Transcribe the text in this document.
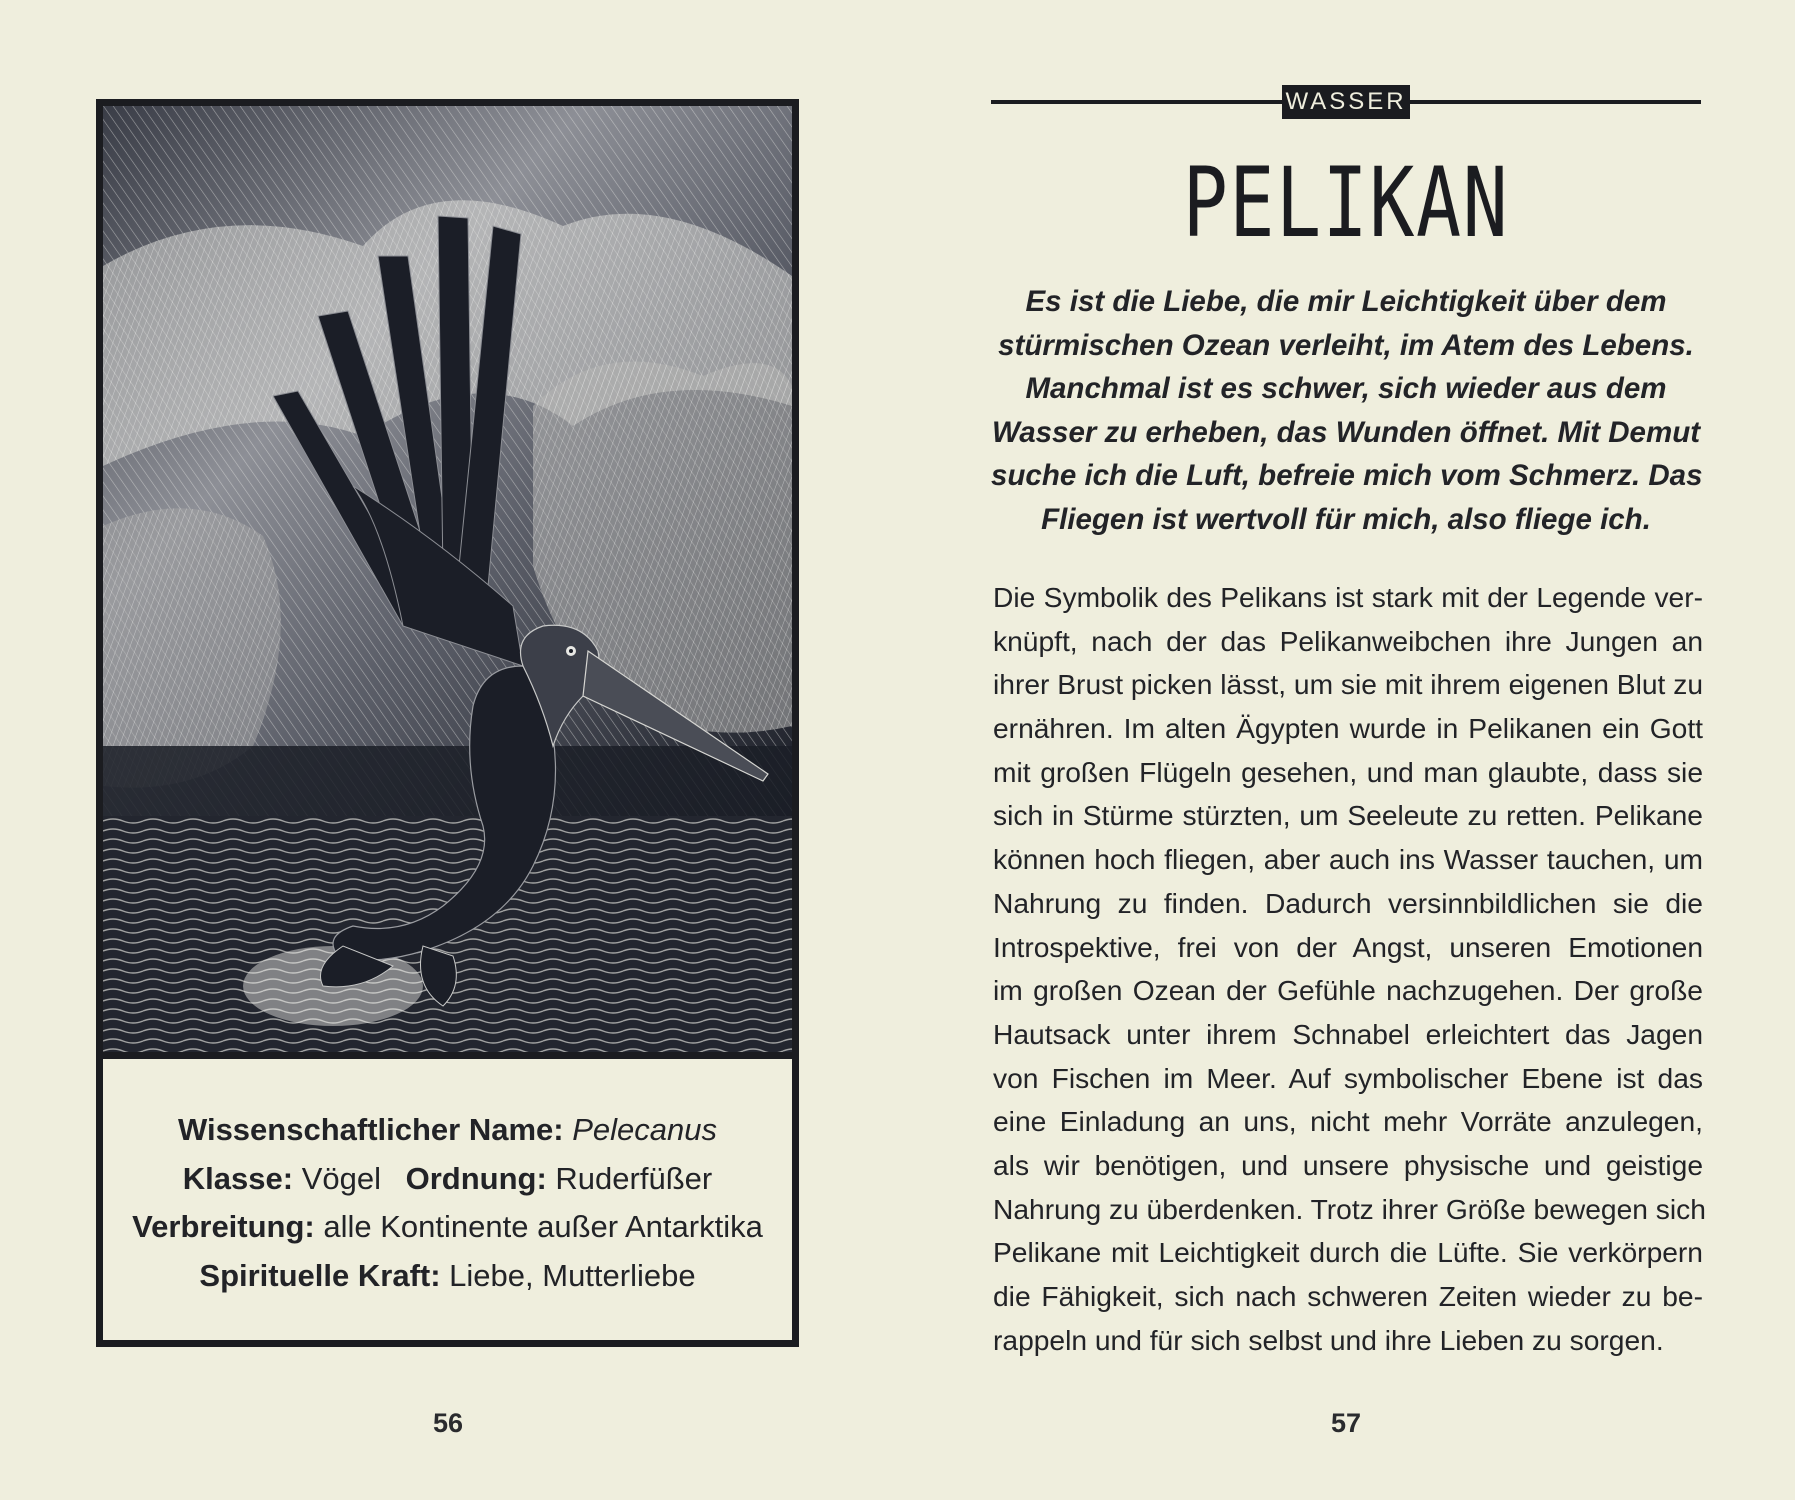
Wissenschaftlicher Name: Pelecanus
Klasse: Vögel Ordnung: Ruderfüßer
Verbreitung: alle Kontinente außer Antarktika
Spirituelle Kraft: Liebe, Mutterliebe
56
WASSER
PELIKAN
Es ist die Liebe, die mir Leichtigkeit über dem
stürmischen Ozean verleiht, im Atem des Lebens.
Manchmal ist es schwer, sich wieder aus dem
Wasser zu erheben, das Wunden öffnet. Mit Demut
suche ich die Luft, befreie mich vom Schmerz. Das
Fliegen ist wertvoll für mich, also fliege ich.
Die Symbolik des Pelikans ist stark mit der Legende ver-
knüpft, nach der das Pelikanweibchen ihre Jungen an
ihrer Brust picken lässt, um sie mit ihrem eigenen Blut zu
ernähren. Im alten Ägypten wurde in Pelikanen ein Gott
mit großen Flügeln gesehen, und man glaubte, dass sie
sich in Stürme stürzten, um Seeleute zu retten. Pelikane
können hoch fliegen, aber auch ins Wasser tauchen, um
Nahrung zu finden. Dadurch versinnbildlichen sie die
Introspektive, frei von der Angst, unseren Emotionen
im großen Ozean der Gefühle nachzugehen. Der große
Hautsack unter ihrem Schnabel erleichtert das Jagen
von Fischen im Meer. Auf symbolischer Ebene ist das
eine Einladung an uns, nicht mehr Vorräte anzulegen,
als wir benötigen, und unsere physische und geistige
Nahrung zu überdenken. Trotz ihrer Größe bewegen sich
Pelikane mit Leichtigkeit durch die Lüfte. Sie verkörpern
die Fähigkeit, sich nach schweren Zeiten wieder zu be-
rappeln und für sich selbst und ihre Lieben zu sorgen.
57
